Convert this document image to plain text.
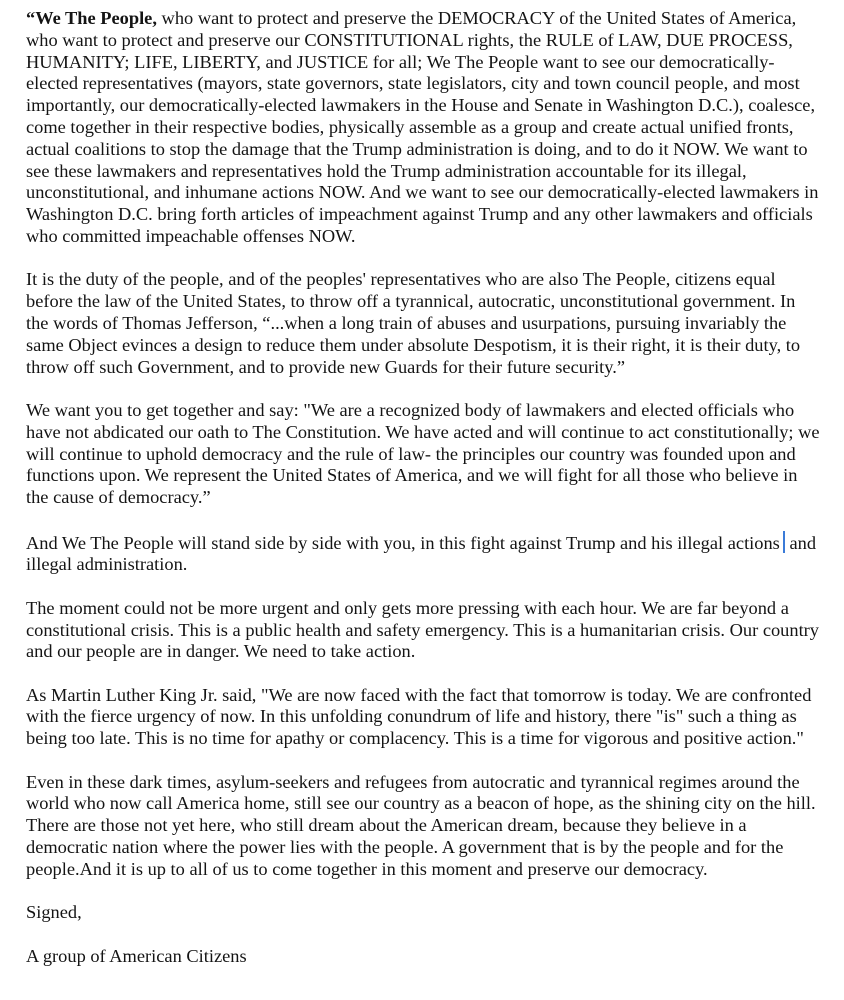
“We The People, who want to protect and preserve the DEMOCRACY of the United States of America, who want to protect and preserve our CONSTITUTIONAL rights, the RULE of LAW, DUE PROCESS, HUMANITY; LIFE, LIBERTY, and JUSTICE for all; We The People want to see our democratically-elected representatives (mayors, state governors, state legislators, city and town council people, and most importantly, our democratically-elected lawmakers in the House and Senate in Washington D.C.), coalesce, come together in their respective bodies, physically assemble as a group and create actual unified fronts, actual coalitions to stop the damage that the Trump administration is doing, and to do it NOW. We want to see these lawmakers and representatives hold the Trump administration accountable for its illegal, unconstitutional, and inhumane actions NOW. And we want to see our democratically-elected lawmakers in Washington D.C. bring forth articles of impeachment against Trump and any other lawmakers and officials who committed impeachable offenses NOW.

It is the duty of the people, and of the peoples' representatives who are also The People, citizens equal before the law of the United States, to throw off a tyrannical, autocratic, unconstitutional government. In the words of Thomas Jefferson, “...when a long train of abuses and usurpations, pursuing invariably the same Object evinces a design to reduce them under absolute Despotism, it is their right, it is their duty, to throw off such Government, and to provide new Guards for their future security.”

We want you to get together and say: "We are a recognized body of lawmakers and elected officials who have not abdicated our oath to The Constitution. We have acted and will continue to act constitutionally; we will continue to uphold democracy and the rule of law- the principles our country was founded upon and functions upon. We represent the United States of America, and we will fight for all those who believe in the cause of democracy.”

And We The People will stand side by side with you, in this fight against Trump and his illegal actions and illegal administration.

The moment could not be more urgent and only gets more pressing with each hour. We are far beyond a constitutional crisis. This is a public health and safety emergency. This is a humanitarian crisis. Our country and our people are in danger. We need to take action.

As Martin Luther King Jr. said, "We are now faced with the fact that tomorrow is today. We are confronted with the fierce urgency of now. In this unfolding conundrum of life and history, there "is" such a thing as being too late. This is no time for apathy or complacency. This is a time for vigorous and positive action."

Even in these dark times, asylum-seekers and refugees from autocratic and tyrannical regimes around the world who now call America home, still see our country as a beacon of hope, as the shining city on the hill. There are those not yet here, who still dream about the American dream, because they believe in a democratic nation where the power lies with the people. A government that is by the people and for the people.And it is up to all of us to come together in this moment and preserve our democracy.

Signed,

A group of American Citizens
